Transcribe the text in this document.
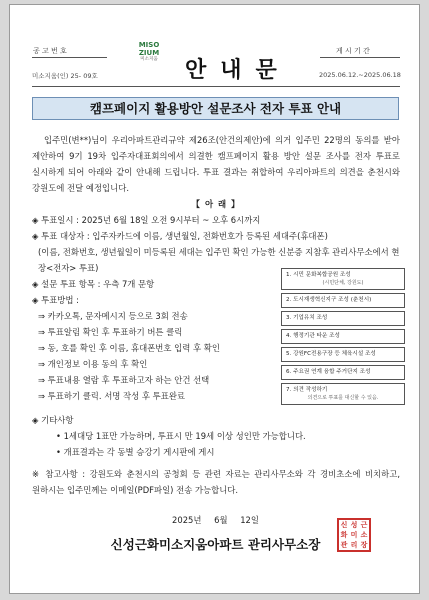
공 고 번 호
미소지움(인) 25- 09호
MISO
ZIUM
미소지움	안내문
게 시 기 간
2025.06.12.~2025.06.18
캠프페이지 활용방안 설문조사 전자 투표 안내
입주민(변**)님이 우리아파트관리규약 제26조(안건의제안)에 의거 입주민 22명의 동의를 받아 제안하여 9기 19차 입주자대표회의에서 의결한 캠프페이지 활용 방안 설문 조사를 전자 투표로 실시하게 되어 아래와 같이 안내해 드립니다. 투표 결과는 취합하여 우리아파트의 의견을 춘천시와 강원도에 전달 예정입니다.
【 아 래 】
◈ 투표일시 : 2025년 6월 18일 오전 9시부터 ~ 오후 6시까지
◈ 투표 대상자 : 입주자카드에 이름, 생년월일, 전화번호가 등록된 세대주(휴대폰)
(이름, 전화번호, 생년월일이 미등록된 세대는 입주민 확인 가능한 신분증 지참후 관리사무소에서 현장<전자> 투표)
◈ 설문 투표 항목 : 우측 7개 문항
◈ 투표방법 :
⇒ 카카오톡, 문자메시지 등으로 3회 전송
⇒ 투표알림 확인 후 투표하기 버튼 클릭
⇒ 동, 호를 확인 후 이름, 휴대폰번호 입력 후 확인
⇒ 개인정보 이용 동의 후 확인
⇒ 투표내용 열람 후 투표하고자 하는 안건 선택
⇒ 투표하기 클릭. 서명 작성 후 투표완료
◈ 기타사항
• 1세대당 1표만 가능하며, 투표시 만 19세 이상 성인만 가능합니다.
• 개표결과는 각 동별 승강기 게시판에 게시
※ 참고사항 : 강원도와 춘천시의 공청회 등 관련 자료는 관리사무소와 각 경비초소에 비치하고, 원하시는 입주민께는 이메일(PDF파일) 전송 가능합니다.
1. 시민 문화복합공원 조성
(시민단체, 강원도)
2. 도시재생혁신지구 조성 (춘천시)
3. 기업유치 조성
4. 행정기관 타운 조성
5. 강원FC전용구장 등 체육시설 조성
6. 주요권 연계 융합 주거단지 조성
7. 의견 작성하기
의견으로 투표를 대신할 수 있음.
2025년 6월 12일
신성근화미소지움아파트 관리사무소장
신 성 근
화 미 소
관 리 장
